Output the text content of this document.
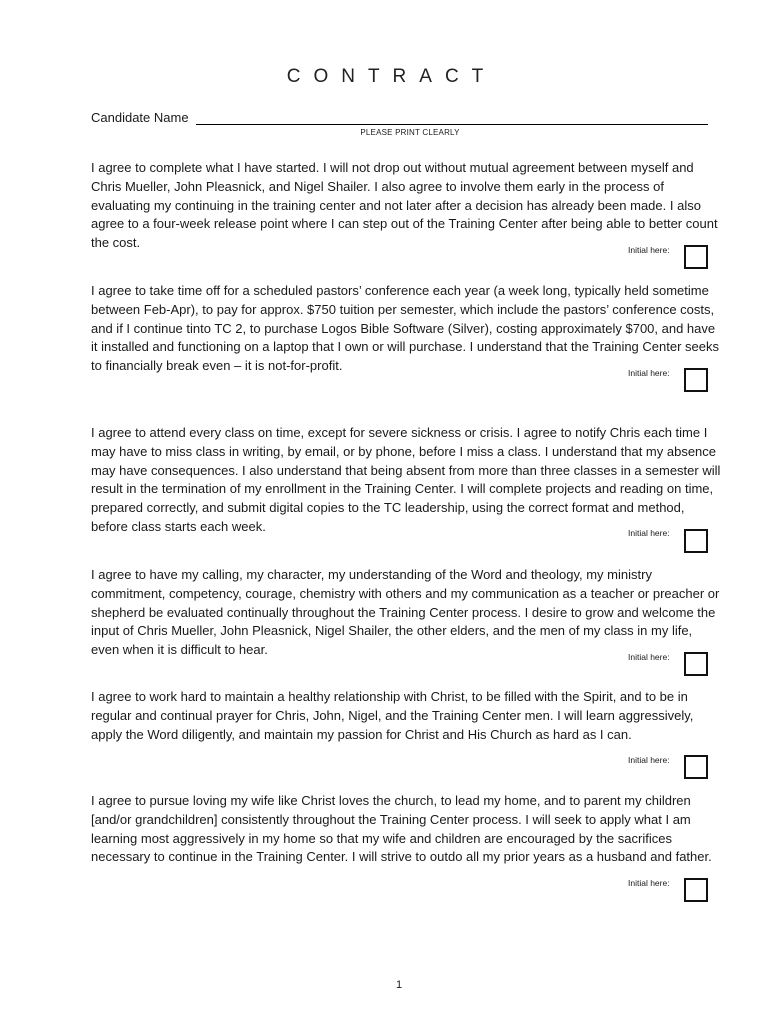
CONTRACT
Candidate Name
PLEASE PRINT CLEARLY

I agree to complete what I have started. I will not drop out without mutual agreement between myself and Chris Mueller, John Pleasnick, and Nigel Shailer. I also agree to involve them early in the process of evaluating my continuing in the training center and not later after a decision has already been made. I also agree to a four-week release point where I can step out of the Training Center after being able to better count the cost.	Initial here:

I agree to take time off for a scheduled pastors’ conference each year (a week long, typically held sometime between Feb-Apr), to pay for approx. $750 tuition per semester, which include the pastors’ conference costs, and if I continue tinto TC 2, to purchase Logos Bible Software (Silver), costing approximately $700, and have it installed and functioning on a laptop that I own or will purchase. I understand that the Training Center seeks to financially break even – it is not-for-profit.	Initial here:

I agree to attend every class on time, except for severe sickness or crisis. I agree to notify Chris each time I may have to miss class in writing, by email, or by phone, before I miss a class. I understand that my absence may have consequences. I also understand that being absent from more than three classes in a semester will result in the termination of my enrollment in the Training Center. I will complete projects and reading on time, prepared correctly, and submit digital copies to the TC leadership, using the correct format and method, before class starts each week.	Initial here:

I agree to have my calling, my character, my understanding of the Word and theology, my ministry commitment, competency, courage, chemistry with others and my communication as a teacher or preacher or shepherd be evaluated continually throughout the Training Center process. I desire to grow and welcome the input of Chris Mueller, John Pleasnick, Nigel Shailer, the other elders, and the men of my class in my life, even when it is difficult to hear.	Initial here:

I agree to work hard to maintain a healthy relationship with Christ, to be filled with the Spirit, and to be in regular and continual prayer for Chris, John, Nigel, and the Training Center men. I will learn aggressively, apply the Word diligently, and maintain my passion for Christ and His Church as hard as I can.

Initial here:

I agree to pursue loving my wife like Christ loves the church, to lead my home, and to parent my children [and/or grandchildren] consistently throughout the Training Center process. I will seek to apply what I am learning most aggressively in my home so that my wife and children are encouraged by the sacrifices necessary to continue in the Training Center. I will strive to outdo all my prior years as a husband and father.

Initial here:
1
